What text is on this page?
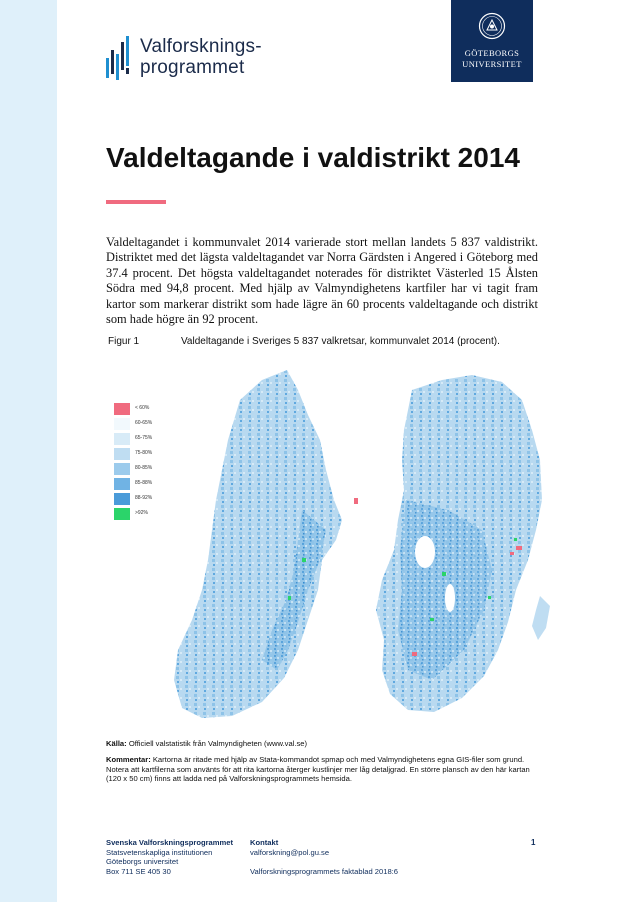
Valforsknings-
programmet
GÖTEBORGS
UNIVERSITET
Valdeltagande i valdistrikt 2014

Valdeltagandet i kommunvalet 2014 varierade stort mellan landets 5 837 valdistrikt. Distriktet med det lägsta valdeltagandet var Norra Gärdsten i Angered i Göteborg med 37.4 procent. Det högsta valdeltagandet noterades för distriktet Västerled 15 Ålsten Södra med 94,8 procent. Med hjälp av Valmyndighetens kartfiler har vi tagit fram kartor som markerar distrikt som hade lägre än 60 procents valdeltagande och distrikt som hade högre än 92 procent.

Figur 1	Valdeltagande i Sveriges 5 837 valkretsar, kommunvalet 2014 (procent).
< 60%
60-65%
65-75%
75-80%
80-85%
85-88%
88-92%
>92%

Källa: Officiell valstatistik från Valmyndigheten (www.val.se)

Kommentar: Kartorna är ritade med hjälp av Stata-kommandot spmap och med Valmyndighetens egna GIS-filer som grund. Notera att kartfilerna som använts för att rita kartorna återger kustlinjer mer låg detaljgrad. En större plansch av den här kartan (120 x 50 cm) finns att ladda ned på Valforskningsprogrammets hemsida.

Svenska Valforskningsprogrammet
Statsvetenskapliga institutionen
Göteborgs universitet
Box 711 SE 405 30
Kontakt
valforskning@pol.gu.se
Valforskningsprogrammets faktablad 2018:6
1
